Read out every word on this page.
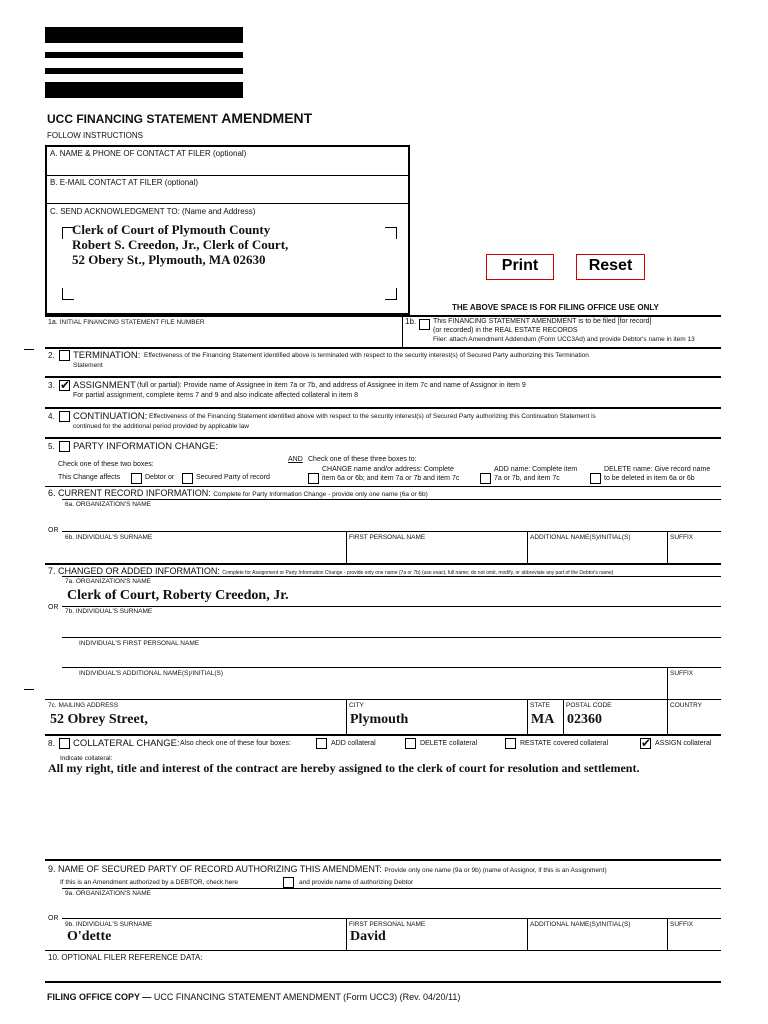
UCC FINANCING STATEMENT AMENDMENT
FOLLOW INSTRUCTIONS
A. NAME & PHONE OF CONTACT AT FILER (optional)
B. E-MAIL CONTACT AT FILER (optional)
C. SEND ACKNOWLEDGMENT TO: (Name and Address)
Clerk of Court of Plymouth County
Robert S. Creedon, Jr., Clerk of Court,
52 Obery St., Plymouth, MA 02630	Print	Reset
THE ABOVE SPACE IS FOR FILING OFFICE USE ONLY
1a. INITIAL FINANCING STATEMENT FILE NUMBER	1b. This FINANCING STATEMENT AMENDMENT is to be filed [for record]
(or recorded) in the REAL ESTATE RECORDS
Filer: attach Amendment Addendum (Form UCC3Ad) and provide Debtor's name in item 13
2. TERMINATION: Effectiveness of the Financing Statement identified above is terminated with respect to the security interest(s) of Secured Party authorizing this Termination
Statement
3. ✔ ASSIGNMENT (full or partial): Provide name of Assignee in item 7a or 7b, and address of Assignee in item 7c and name of Assignor in item 9
For partial assignment, complete items 7 and 9 and also indicate affected collateral in item 8
4. CONTINUATION: Effectiveness of the Financing Statement identified above with respect to the security interest(s) of Secured Party authorizing this Continuation Statement is
continued for the additional period provided by applicable law
5. PARTY INFORMATION CHANGE:
AND Check one of these three boxes to:
Check one of these two boxes:
This Change affects	Debtor or	Secured Party of record
CHANGE name and/or address: Complete
item 6a or 6b; and item 7a or 7b and item 7c
ADD name: Complete item
7a or 7b, and item 7c
DELETE name: Give record name
to be deleted in item 6a or 6b
6. CURRENT RECORD INFORMATION: Complete for Party Information Change - provide only one name (6a or 6b)
6a. ORGANIZATION'S NAME
OR
6b. INDIVIDUAL'S SURNAME	FIRST PERSONAL NAME	ADDITIONAL NAME(S)/INITIAL(S)	SUFFIX
7. CHANGED OR ADDED INFORMATION: Complete for Assignment or Party Information Change - provide only one name (7a or 7b) (use exact, full name; do not omit, modify, or abbreviate any part of the Debtor's name)
7a. ORGANIZATION'S NAME
Clerk of Court, Roberty Creedon, Jr.
OR
7b. INDIVIDUAL'S SURNAME
INDIVIDUAL'S FIRST PERSONAL NAME
INDIVIDUAL'S ADDITIONAL NAME(S)/INITIAL(S)	SUFFIX
7c. MAILING ADDRESS	CITY	STATE POSTAL CODE	COUNTRY
52 Obrey Street,	Plymouth	MA 02360
8. COLLATERAL CHANGE: Also check one of these four boxes:	ADD collateral	DELETE collateral	RESTATE covered collateral ✔	ASSIGN collateral
Indicate collateral:
All my right, title and interest of the contract are hereby assigned to the clerk of court for resolution and settlement.
9. NAME OF SECURED PARTY OF RECORD AUTHORIZING THIS AMENDMENT: Provide only one name (9a or 9b) (name of Assignor, if this is an Assignment)
If this is an Amendment authorized by a DEBTOR, check here	and provide name of authorizing Debtor
9a. ORGANIZATION'S NAME
OR
9b. INDIVIDUAL'S SURNAME	FIRST PERSONAL NAME	ADDITIONAL NAME(S)/INITIAL(S)	SUFFIX
O'dette	David
10. OPTIONAL FILER REFERENCE DATA:
FILING OFFICE COPY — UCC FINANCING STATEMENT AMENDMENT (Form UCC3) (Rev. 04/20/11)
